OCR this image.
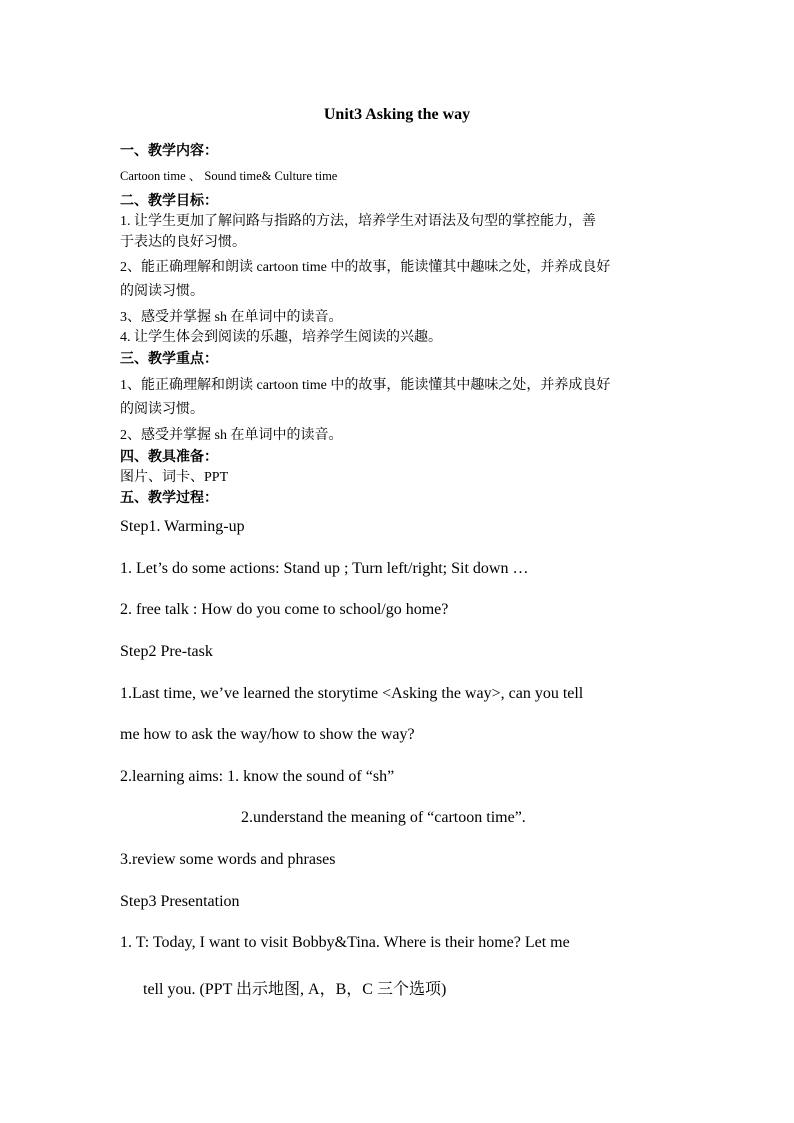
Unit3 Asking the way
一、教学内容：
Cartoon time 、 Sound time& Culture time
二、教学目标：
1. 让学生更加了解问路与指路的方法，培养学生对语法及句型的掌控能力，善
于表达的良好习惯。
2、能正确理解和朗读 cartoon time 中的故事，能读懂其中趣味之处，并养成良好
的阅读习惯。
3、感受并掌握 sh 在单词中的读音。
4. 让学生体会到阅读的乐趣，培养学生阅读的兴趣。
三、教学重点：
1、能正确理解和朗读 cartoon time 中的故事，能读懂其中趣味之处，并养成良好
的阅读习惯。
2、感受并掌握 sh 在单词中的读音。
四、教具准备：
图片、词卡、PPT
五、教学过程：
Step1. Warming-up
1. Let’s do some actions: Stand up ; Turn left/right; Sit down …
2. free talk : How do you come to school/go home?
Step2 Pre-task
1.Last time, we’ve learned the storytime <Asking the way>, can you tell
me how to ask the way/how to show the way?
2.learning aims: 1. know the sound of “sh”
2.understand the meaning of “cartoon time”.
3.review some words and phrases
Step3 Presentation
1. T: Today, I want to visit Bobby&Tina. Where is their home? Let me
tell you. (PPT 出示地图, A，B，C 三个选项)
